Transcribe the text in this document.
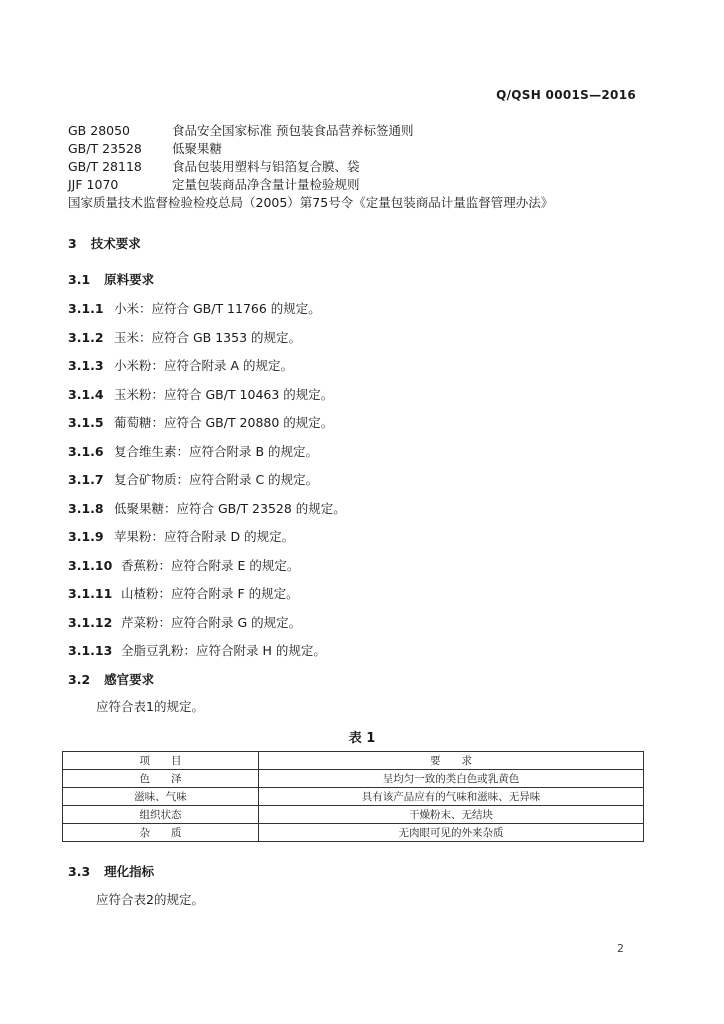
Q/QSH 0001S—2016
GB 28050	食品安全国家标准 预包装食品营养标签通则
GB/T 23528 低聚果糖
GB/T 28118 食品包装用塑料与铝箔复合膜、袋
JJF 1070	定量包装商品净含量计量检验规则
国家质量技术监督检验检疫总局（2005）第75号令《定量包装商品计量监督管理办法》
3 技术要求
3.1 原料要求
3.1.1 小米：应符合 GB/T 11766 的规定。
3.1.2 玉米：应符合 GB 1353 的规定。
3.1.3 小米粉：应符合附录 A 的规定。
3.1.4 玉米粉：应符合 GB/T 10463 的规定。
3.1.5 葡萄糖：应符合 GB/T 20880 的规定。
3.1.6 复合维生素：应符合附录 B 的规定。
3.1.7 复合矿物质：应符合附录 C 的规定。
3.1.8 低聚果糖：应符合 GB/T 23528 的规定。
3.1.9 苹果粉：应符合附录 D 的规定。
3.1.10 香蕉粉：应符合附录 E 的规定。
3.1.11 山楂粉：应符合附录 F 的规定。
3.1.12 芹菜粉：应符合附录 G 的规定。
3.1.13 全脂豆乳粉：应符合附录 H 的规定。
3.2 感官要求
应符合表1的规定。
表 1
项　　目	要　　求
色　　泽	呈均匀一致的类白色或乳黄色
滋味、气味	具有该产品应有的气味和滋味、无异味
组织状态	干燥粉末、无结块
杂　　质	无肉眼可见的外来杂质
3.3 理化指标
应符合表2的规定。
2
